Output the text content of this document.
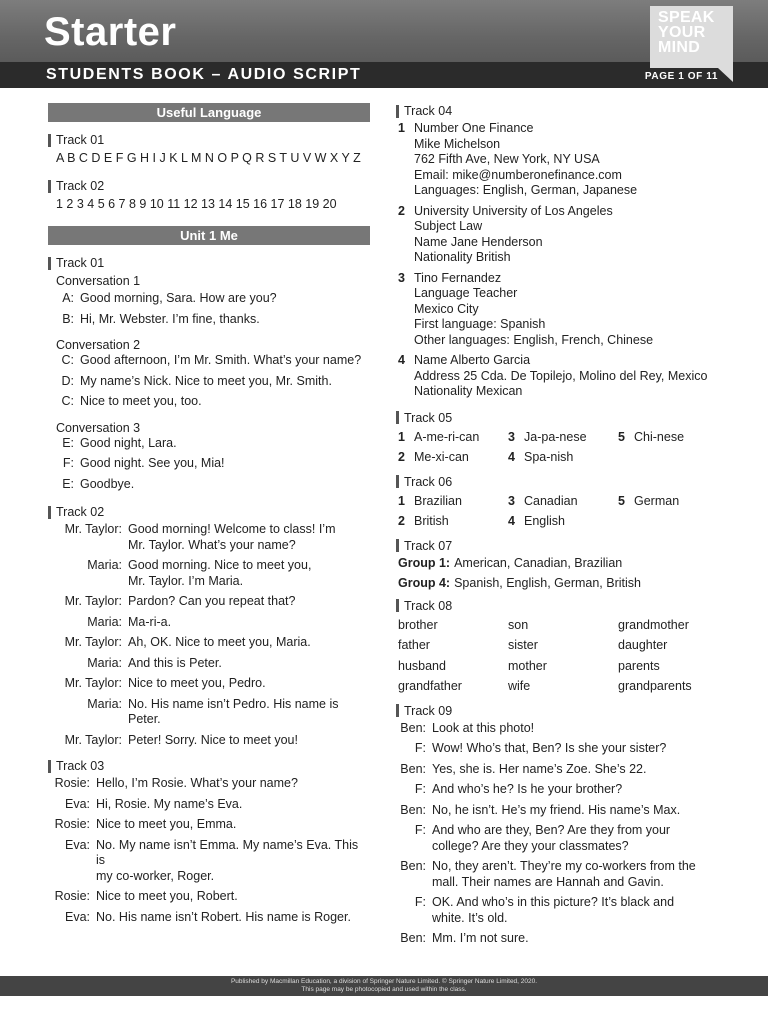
Starter
STUDENTS BOOK – AUDIO SCRIPT	PAGE 1 OF 11
SPEAK
YOUR
MIND
Useful Language
Track 01
A B C D E F G H I J K L M N O P Q R S T U V W X Y Z
Track 02
1 2 3 4 5 6 7 8 9 10 11 12 13 14 15 16 17 18 19 20
Unit 1 Me
Track 01
Conversation 1
A: Good morning, Sara. How are you?
B: Hi, Mr. Webster. I’m fine, thanks.
Conversation 2
C: Good afternoon, I’m Mr. Smith. What’s your name?
D: My name’s Nick. Nice to meet you, Mr. Smith.
C: Nice to meet you, too.
Conversation 3
E: Good night, Lara.
F: Good night. See you, Mia!
E: Goodbye.
Track 02
Mr. Taylor: Good morning! Welcome to class! I’m
Mr. Taylor. What’s your name?
Maria: Good morning. Nice to meet you,
Mr. Taylor. I’m Maria.
Mr. Taylor: Pardon? Can you repeat that?
Maria: Ma-ri-a.
Mr. Taylor: Ah, OK. Nice to meet you, Maria.
Maria: And this is Peter.
Mr. Taylor: Nice to meet you, Pedro.
Maria: No. His name isn’t Pedro. His name is Peter.
Mr. Taylor: Peter! Sorry. Nice to meet you!
Track 03
Rosie: Hello, I’m Rosie. What’s your name?
Eva: Hi, Rosie. My name’s Eva.
Rosie: Nice to meet you, Emma.
Eva: No. My name isn’t Emma. My name’s Eva. This is
my co-worker, Roger.
Rosie: Nice to meet you, Robert.
Eva: No. His name isn’t Robert. His name is Roger.
Track 04
1 Number One Finance
Mike Michelson
762 Fifth Ave, New York, NY USA
Email: mike@numberonefinance.com
Languages: English, German, Japanese
2 University University of Los Angeles
Subject Law
Name Jane Henderson
Nationality British
3 Tino Fernandez
Language Teacher
Mexico City
First language: Spanish
Other languages: English, French, Chinese
4 Name Alberto Garcia
Address 25 Cda. De Topilejo, Molino del Rey, Mexico
Nationality Mexican
Track 05
1 A-me-ri-can 3 Ja-pa-nese	5 Chi-nese
2 Me-xi-can	4 Spa-nish
Track 06
1 Brazilian	3 Canadian	5 German
2 British	4 English
Track 07
Group 1: American, Canadian, Brazilian
Group 4: Spanish, English, German, British
Track 08
brother	son	grandmother
father	sister	daughter
husband	mother	parents
grandfather	wife	grandparents
Track 09
Ben: Look at this photo!
F: Wow! Who’s that, Ben? Is she your sister?
Ben: Yes, she is. Her name’s Zoe. She’s 22.
F: And who’s he? Is he your brother?
Ben: No, he isn’t. He’s my friend. His name’s Max.
F: And who are they, Ben? Are they from your
college? Are they your classmates?
Ben: No, they aren’t. They’re my co-workers from the
mall. Their names are Hannah and Gavin.
F: OK. And who’s in this picture? It’s black and
white. It’s old.
Ben: Mm. I’m not sure.
Published by Macmillan Education, a division of Springer Nature Limited. © Springer Nature Limited, 2020.
This page may be photocopied and used within the class.
